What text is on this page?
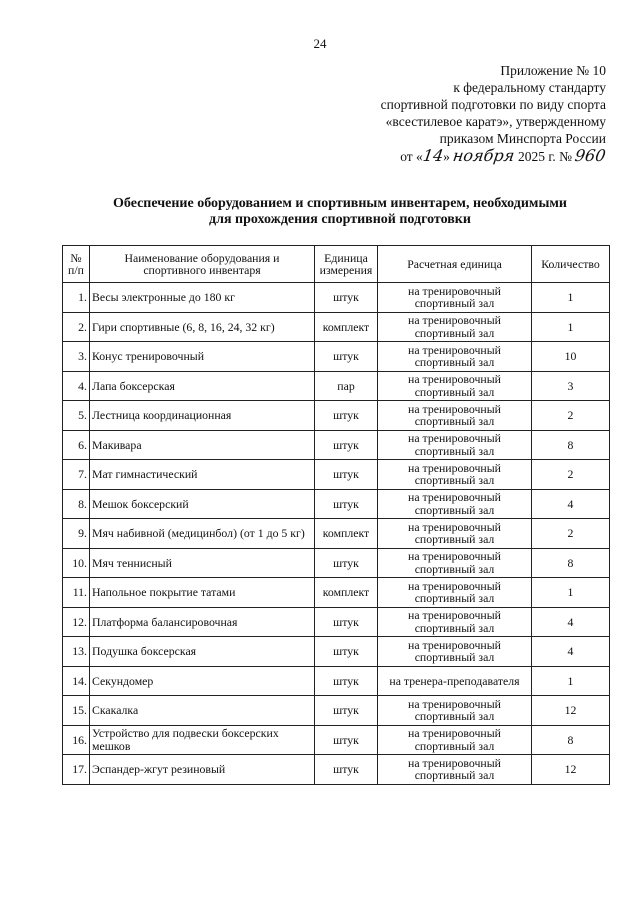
24
Приложение № 10
к федеральному стандарту
спортивной подготовки по виду спорта
«всестилевое каратэ», утвержденному
приказом Минспорта России
от «14» ноября 2025 г. № 960
Обеспечение оборудованием и спортивным инвентарем, необходимыми
для прохождения спортивной подготовки
№ п/п	Наименование оборудования и спортивного инвентаря	Единица измерения	Расчетная единица	Количество
1.	Весы электронные до 180 кг	штук	на тренировочный спортивный зал	1
2.	Гири спортивные (6, 8, 16, 24, 32 кг)	комплект	на тренировочный спортивный зал	1
3.	Конус тренировочный	штук	на тренировочный спортивный зал	10
4.	Лапа боксерская	пар	на тренировочный спортивный зал	3
5.	Лестница координационная	штук	на тренировочный спортивный зал	2
6.	Макивара	штук	на тренировочный спортивный зал	8
7.	Мат гимнастический	штук	на тренировочный спортивный зал	2
8.	Мешок боксерский	штук	на тренировочный спортивный зал	4
9.	Мяч набивной (медицинбол) (от 1 до 5 кг)	комплект	на тренировочный спортивный зал	2
10.	Мяч теннисный	штук	на тренировочный спортивный зал	8
11.	Напольное покрытие татами	комплект	на тренировочный спортивный зал	1
12.	Платформа балансировочная	штук	на тренировочный спортивный зал	4
13.	Подушка боксерская	штук	на тренировочный спортивный зал	4
14.	Секундомер	штук	на тренера-преподавателя	1
15.	Скакалка	штук	на тренировочный спортивный зал	12
16.	Устройство для подвески боксерских мешков	штук	на тренировочный спортивный зал	8
17.	Эспандер-жгут резиновый	штук	на тренировочный спортивный зал	12
